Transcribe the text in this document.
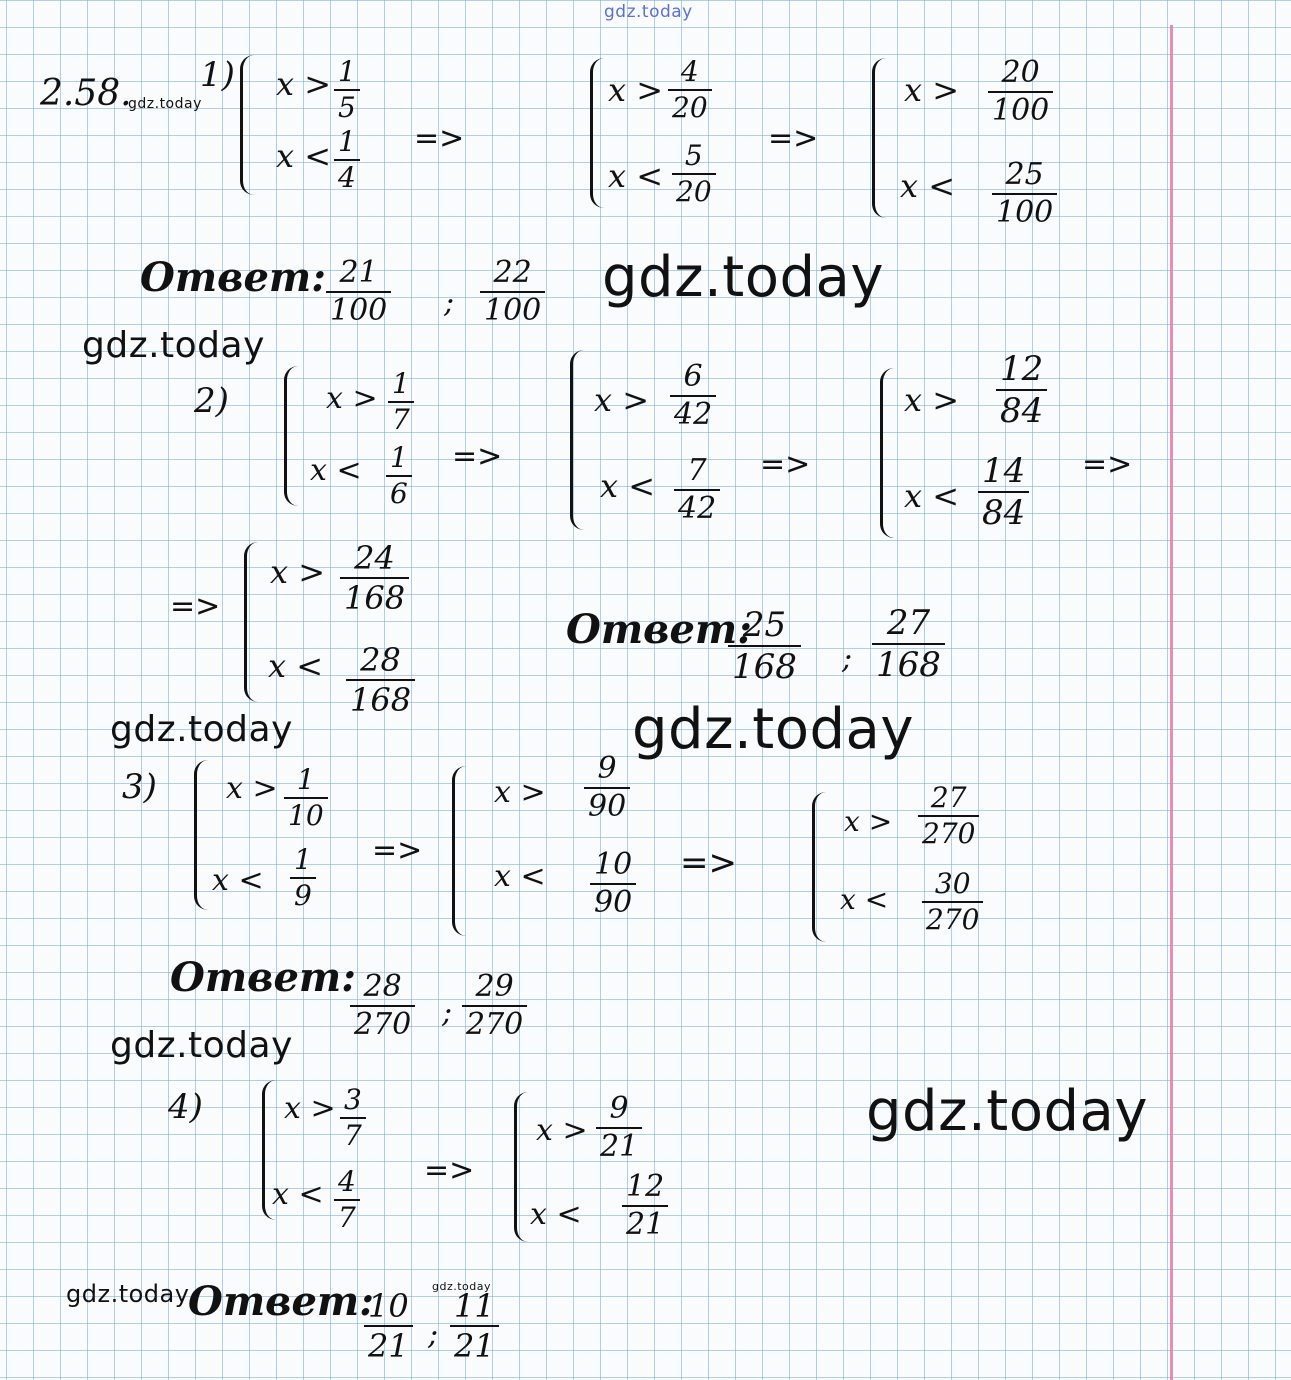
gdz.today
gdz.today
gdz.today
gdz.today
gdz.today	gdz.today
gdz.today
gdz.today
gdz.today	gdz.today
2.58. 1) $x > \frac{1}{5}$
$x < \frac{1}{4}$ =>
$x > \frac{4}{20}$
$x < \frac{5}{20}$
=>
$x > \frac{20}{100}$
$x < \frac{25}{100}$
Ответ: $\frac{21}{100}$ ; $\frac{22}{100}$
2)	$x > \frac{1}{7}$
$x < \frac{1}{6}$ =>
$x > \frac{6}{42}$
$x < \frac{7}{42}$ =>
$x > \frac{12}{84}$
$x < \frac{14}{84}$ =>
=>
$x > \frac{24}{168}$
$x < \frac{28}{168}$
Ответ:
$\frac{25}{168}$ ; $\frac{27}{168}$
3) $x > \frac{1}{10}$
$x < \frac{1}{9}$ =>
$x > \frac{9}{90}$
$x < \frac{10}{90}$ =>
$x > \frac{27}{270}$
$x < \frac{30}{270}$
Ответ:
$\frac{28}{270}$ ; $\frac{29}{270}$
4)	$x > \frac{3}{7}$
$x < \frac{4}{7}$ =>
$x > \frac{9}{21}$
$x < \frac{12}{21}$
Ответ:
$\frac{10}{21}$ ; $\frac{11}{21}$
